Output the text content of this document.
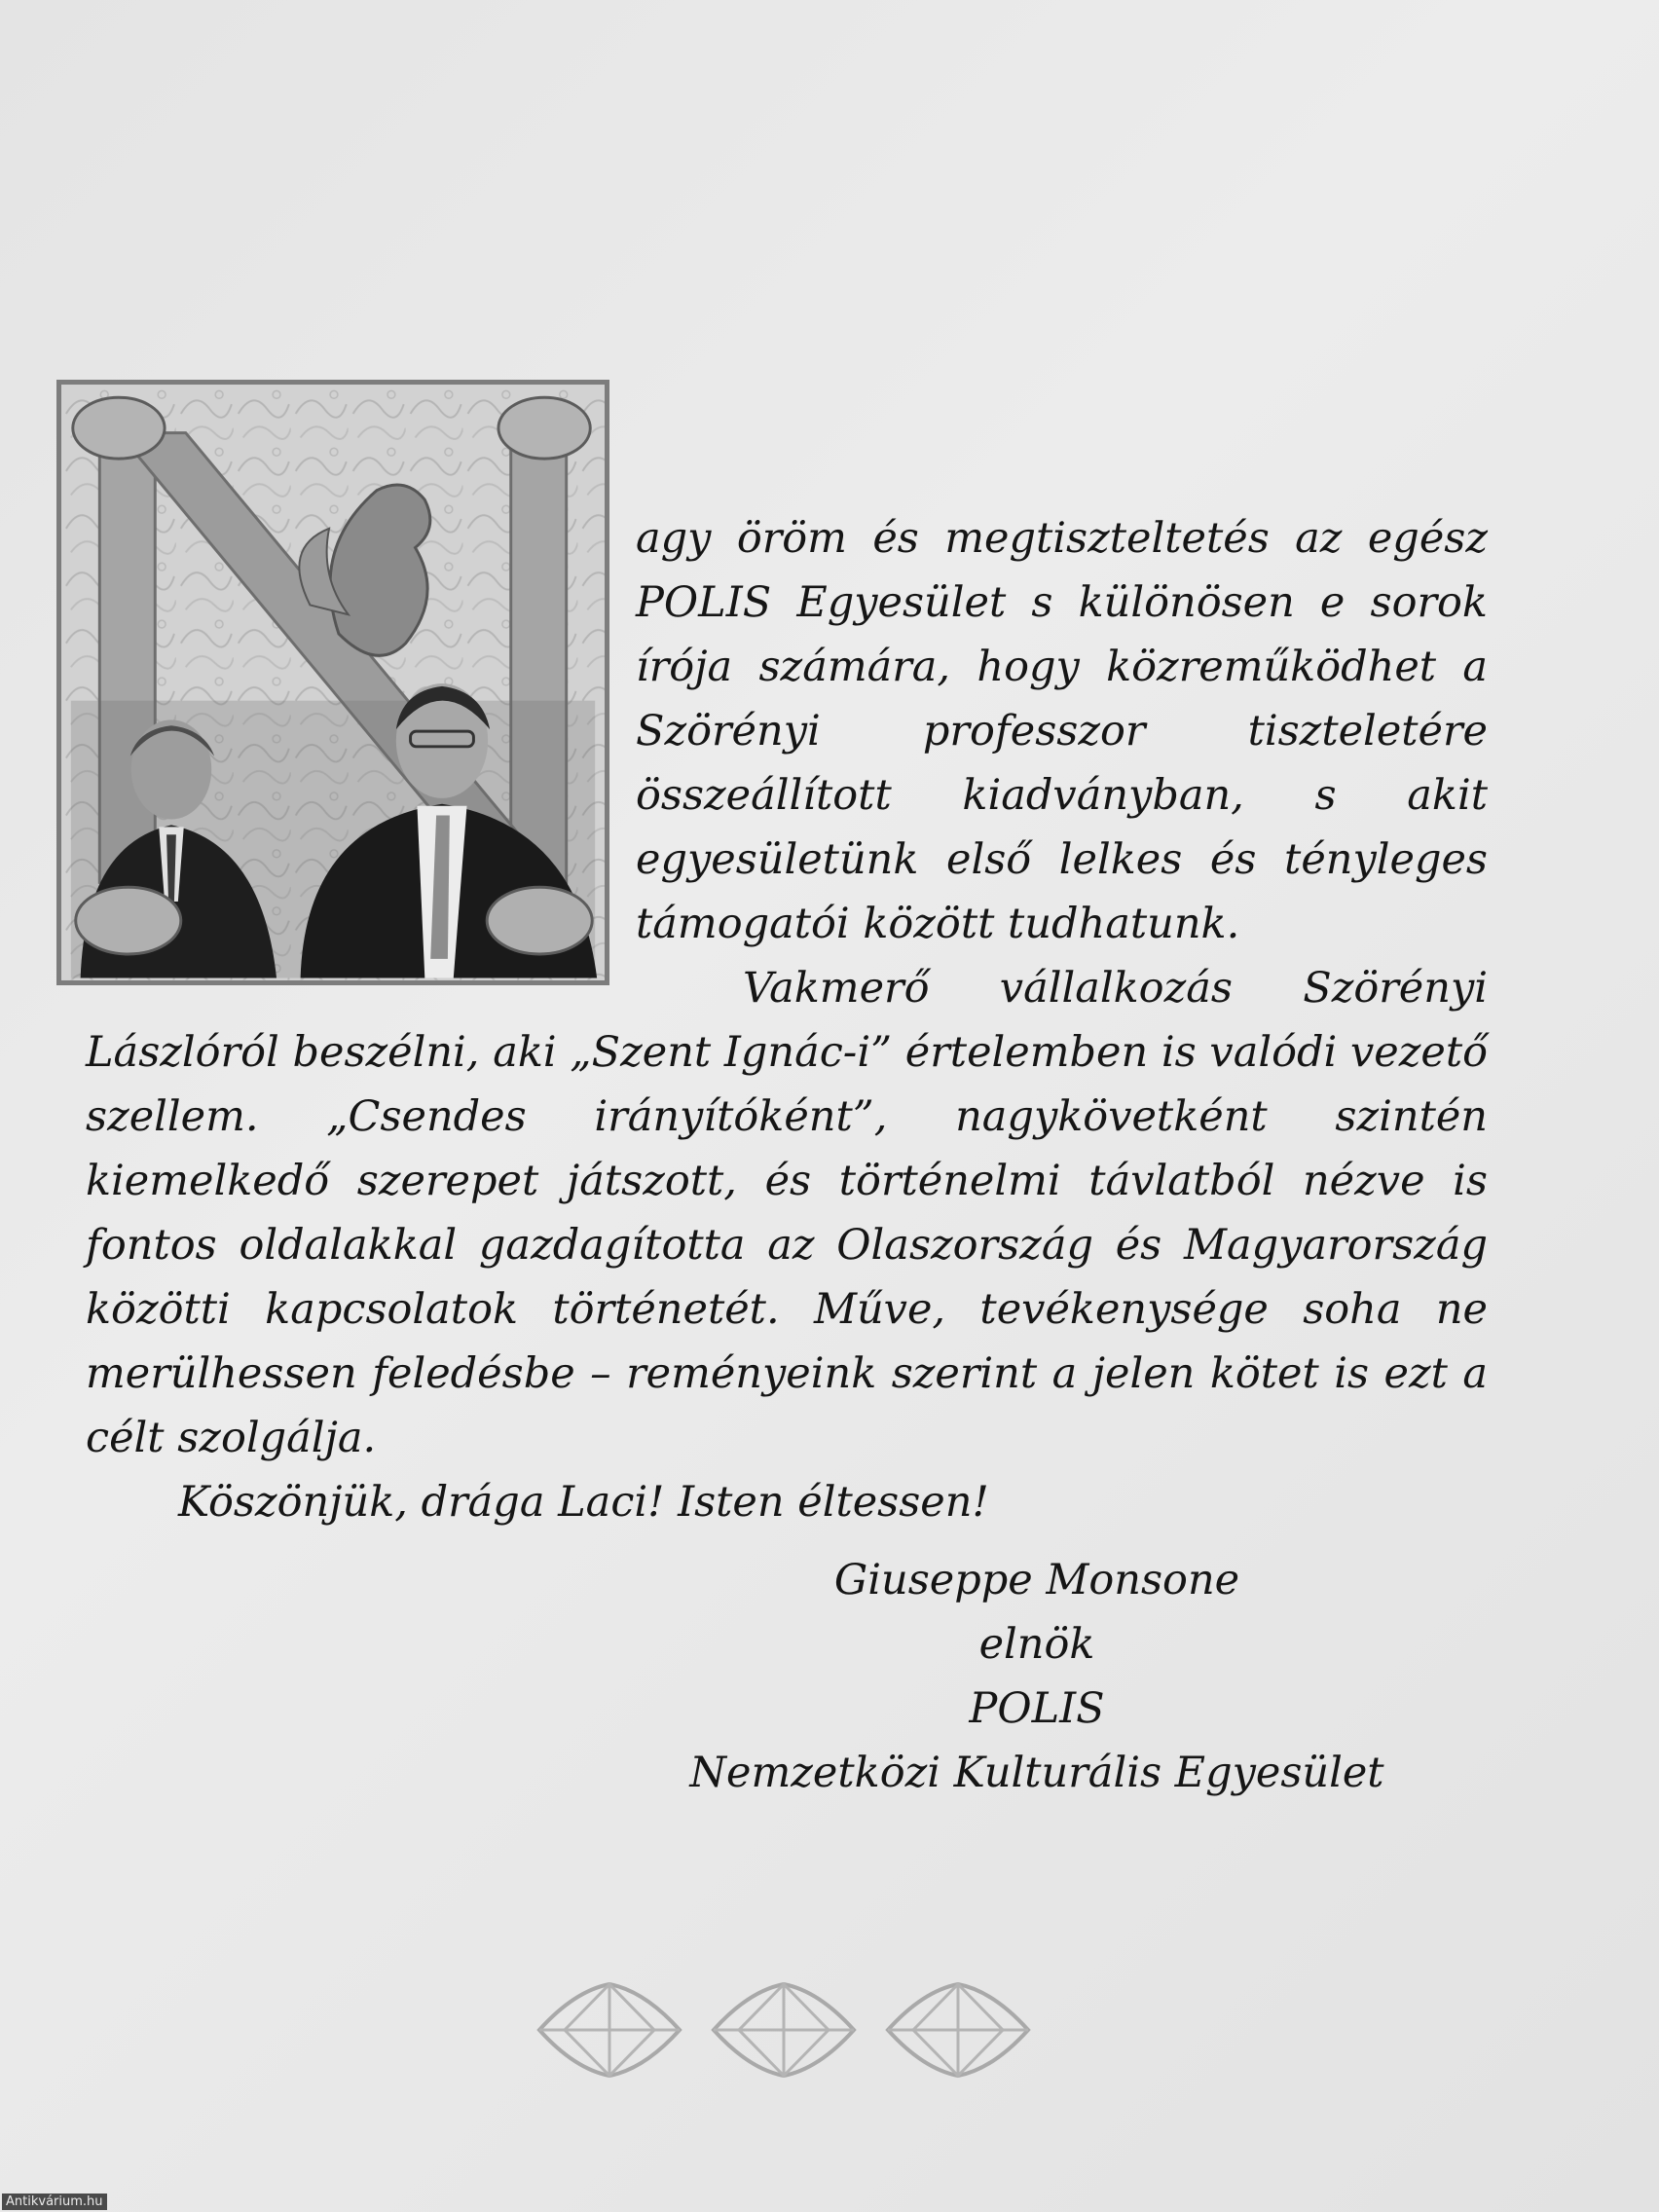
agy öröm és megtiszteltetés az egész POLIS Egyesület s különösen e sorok írója számára, hogy közreműködhet a Szörényi professzor tiszteletére összeállított kiadványban, s akit egyesületünk első lelkes és tényleges támogatói között tudhatunk.

Vakmerő vállalkozás Szörényi Lászlóról beszélni, aki „Szent Ignác-i” értelemben is valódi vezető szellem. „Csendes irányítóként”, nagykövetként szintén kiemelkedő szerepet játszott, és történelmi távlatból nézve is fontos oldalakkal gazdagította az Olaszország és Magyarország közötti kapcsolatok történetét. Műve, tevékenysége soha ne merülhessen feledésbe – reményeink szerint a jelen kötet is ezt a célt szolgálja.

Köszönjük, drága Laci! Isten éltessen!

Giuseppe Monsone
elnök
POLIS
Nemzetközi Kulturális Egyesület
Antikvárium.hu
